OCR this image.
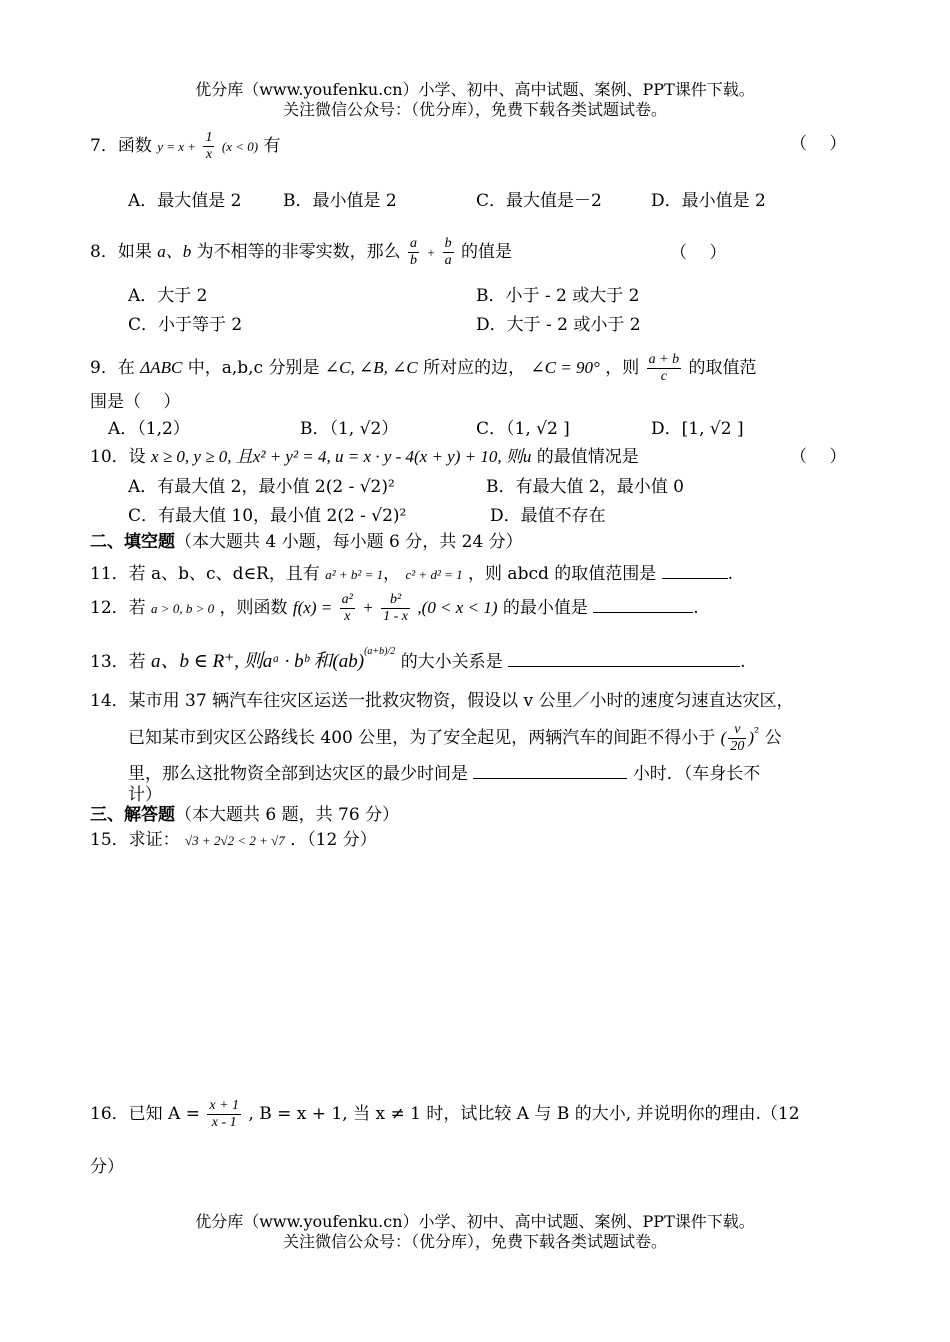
优分库（www.youfenku.cn）小学、初中、高中试题、案例、PPT课件下载。
关注微信公众号：（优分库），免费下载各类试题试卷。
7．函数 $y = x + \frac{1}{x} (x < 0)$ 有	（　 ）
A．最大值是 2 B．最小值是 2	C．最大值是－2	D．最小值是 2
8．如果 a、b 为不相等的非零实数，那么 $\frac{a}{b} + \frac{b}{a}$ 的值是	（　 ）
A．大于 2	B．小于 - 2 或大于 2
C．小于等于 2	D．大于 - 2 或小于 2
9．在 ΔABC 中，a,b,c 分别是 ∠C, ∠B, ∠C 所对应的边， ∠C = 90° ，则 $\frac{a + b}{c}$ 的取值范
围是（　 ）
A．（1,2）	B．（1, √2）	C．（1, √2 ]	D．[1, √2 ]
10．设 x ≥ 0, y ≥ 0, 且x² + y² = 4, u = x · y - 4(x + y) + 10, 则u 的最值情况是	（　 ）
A．有最大值 2，最小值 2(2 - √2)²	B．有最大值 2，最小值 0
C．有最大值 10，最小值 2(2 - √2)²	D．最值不存在
二、填空题（本大题共 4 小题，每小题 6 分，共 24 分）
11．若 a、b、c、d∈R，且有 a² + b² = 1， c² + d² = 1 ，则 abcd 的取值范围是	.
12．若 a > 0, b > 0 ，则函数 $f(x) = \frac{\text{a²}}{x} + \frac{\text{b²}}{1 - x} ,(0 < x < 1)$ 的最小值是	.
13．若 a、b ∈ R⁺, 则aᵃ · bᵇ 和(ab)$^{(a+b)/2}$ 的大小关系是	.
14．某市用 37 辆汽车往灾区运送一批救灾物资，假设以 v 公里／小时的速度匀速直达灾区，
已知某市到灾区公路线长 400 公里，为了安全起见，两辆汽车的间距不得小于 ( $\frac{v}{20} )^{^2}$ 公
里，那么这批物资全部到达灾区的最少时间是	小时．（车身长不
计）
三、解答题（本大题共 6 题，共 76 分）
15．求证： √3 + 2√2 < 2 + √7 ．（12 分）
16．已知 $A = \frac{x + 1}{x - 1}$ , B = x + 1, 当 x ≠ 1 时，试比较 A 与 B 的大小, 并说明你的理由.（12
分）
优分库（www.youfenku.cn）小学、初中、高中试题、案例、PPT课件下载。
关注微信公众号：（优分库），免费下载各类试题试卷。
